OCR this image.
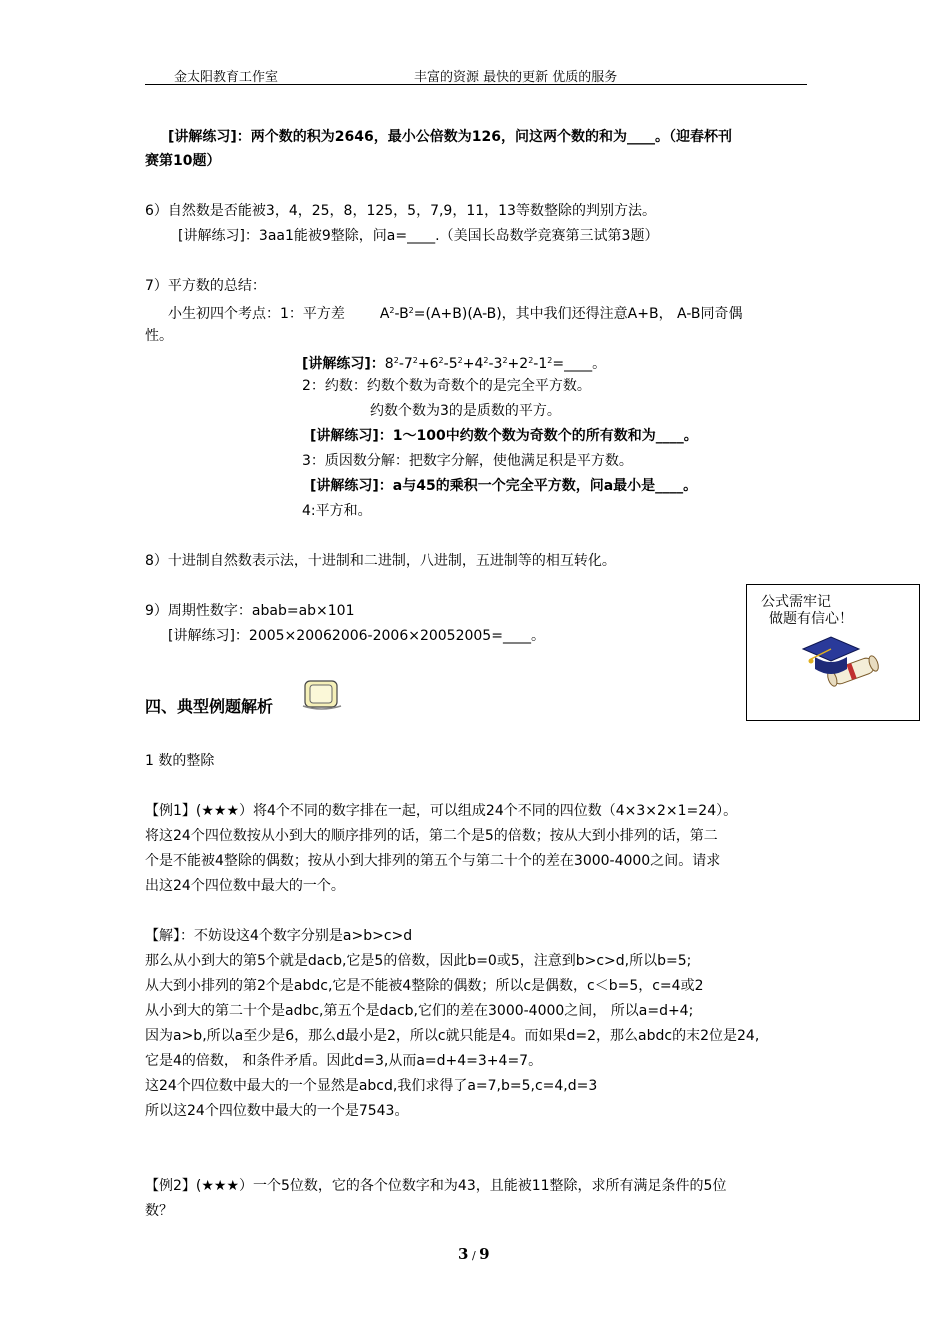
金太阳教育工作室	丰富的资源 最快的更新 优质的服务
[讲解练习]：两个数的积为2646，最小公倍数为126，问这两个数的和为____。（迎春杯刊
赛第10题）
6）自然数是否能被3，4，25，8，125，5，7,9，11，13等数整除的判别方法。
[讲解练习]：3aa1能被9整除，问a=____.（美国长岛数学竞赛第三试第3题）
7）平方数的总结：
小生初四个考点：1：平方差 $A^2-B^2=(A+B)(A-B)$，其中我们还得注意A+B， A-B同奇偶
性。
[讲解练习]：$8^2-7^2+6^2-5^2+4^2-3^2+2^2-1^2=\_\_\_\_$。
2：约数：约数个数为奇数个的是完全平方数。
约数个数为3的是质数的平方。
[讲解练习]：1～100中约数个数为奇数个的所有数和为____。
3：质因数分解：把数字分解，使他满足积是平方数。
[讲解练习]：a与45的乘积一个完全平方数，问a最小是____。
4:平方和。
8）十进制自然数表示法，十进制和二进制，八进制，五进制等的相互转化。
9）周期性数字：abab=ab×101
[讲解练习]：2005×20062006-2006×20052005=____。
公式需牢记
做题有信心！
四、典型例题解析
1 数的整除
【例1】(★★★）将4个不同的数字排在一起，可以组成24个不同的四位数（4×3×2×1=24）。
将这24个四位数按从小到大的顺序排列的话，第二个是5的倍数；按从大到小排列的话，第二
个是不能被4整除的偶数；按从小到大排列的第五个与第二十个的差在3000-4000之间。请求
出这24个四位数中最大的一个。
【解】：不妨设这4个数字分别是a>b>c>d
那么从小到大的第5个就是dacb,它是5的倍数，因此b=0或5，注意到b>c>d,所以b=5;
从大到小排列的第2个是abdc,它是不能被4整除的偶数；所以c是偶数，c＜b=5，c=4或2
从小到大的第二十个是adbc,第五个是dacb,它们的差在3000-4000之间， 所以a=d+4;
因为a>b,所以a至少是6，那么d最小是2，所以c就只能是4。而如果d=2，那么abdc的末2位是24,
它是4的倍数， 和条件矛盾。因此d=3,从而a=d+4=3+4=7。
这24个四位数中最大的一个显然是abcd,我们求得了a=7,b=5,c=4,d=3
所以这24个四位数中最大的一个是7543。
【例2】(★★★）一个5位数，它的各个位数字和为43，且能被11整除，求所有满足条件的5位
数？
3 / 9
